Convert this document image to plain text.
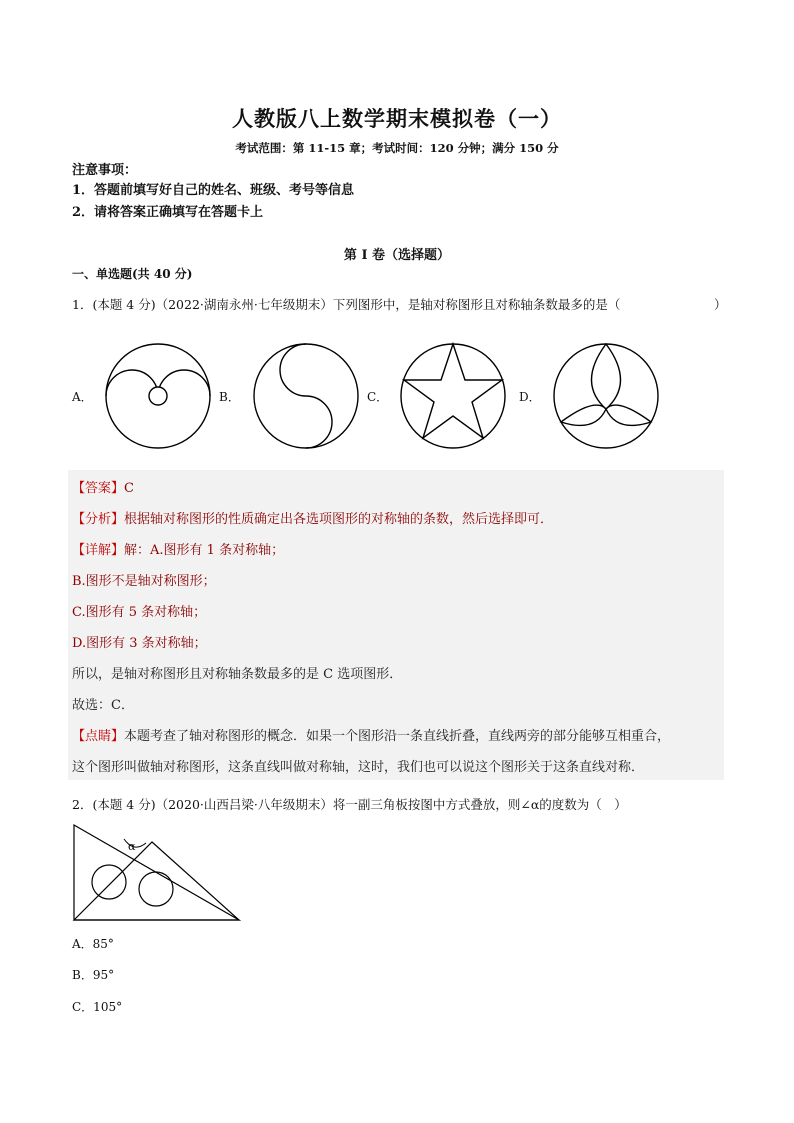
人教版八上数学期末模拟卷（一）
考试范围：第 11-15 章；考试时间：120 分钟；满分 150 分
注意事项：
1．答题前填写好自己的姓名、班级、考号等信息
2．请将答案正确填写在答题卡上
第 I 卷（选择题）
一、单选题(共 40 分)
1．(本题 4 分)（2022·湖南永州·七年级期末）下列图形中，是轴对称图形且对称轴条数最多的是（	）
A．	B．	C．	D．
【答案】C
【分析】根据轴对称图形的性质确定出各选项图形的对称轴的条数，然后选择即可．
【详解】解：A.图形有 1 条对称轴；
B.图形不是轴对称图形；
C.图形有 5 条对称轴；
D.图形有 3 条对称轴；
所以，是轴对称图形且对称轴条数最多的是 C 选项图形．
故选：C．
【点睛】本题考查了轴对称图形的概念．如果一个图形沿一条直线折叠，直线两旁的部分能够互相重合，
这个图形叫做轴对称图形，这条直线叫做对称轴，这时，我们也可以说这个图形关于这条直线对称．
2．(本题 4 分)（2020·山西吕梁·八年级期末）将一副三角板按图中方式叠放，则∠α的度数为（　）
α
A．85°
B．95°
C．105°
